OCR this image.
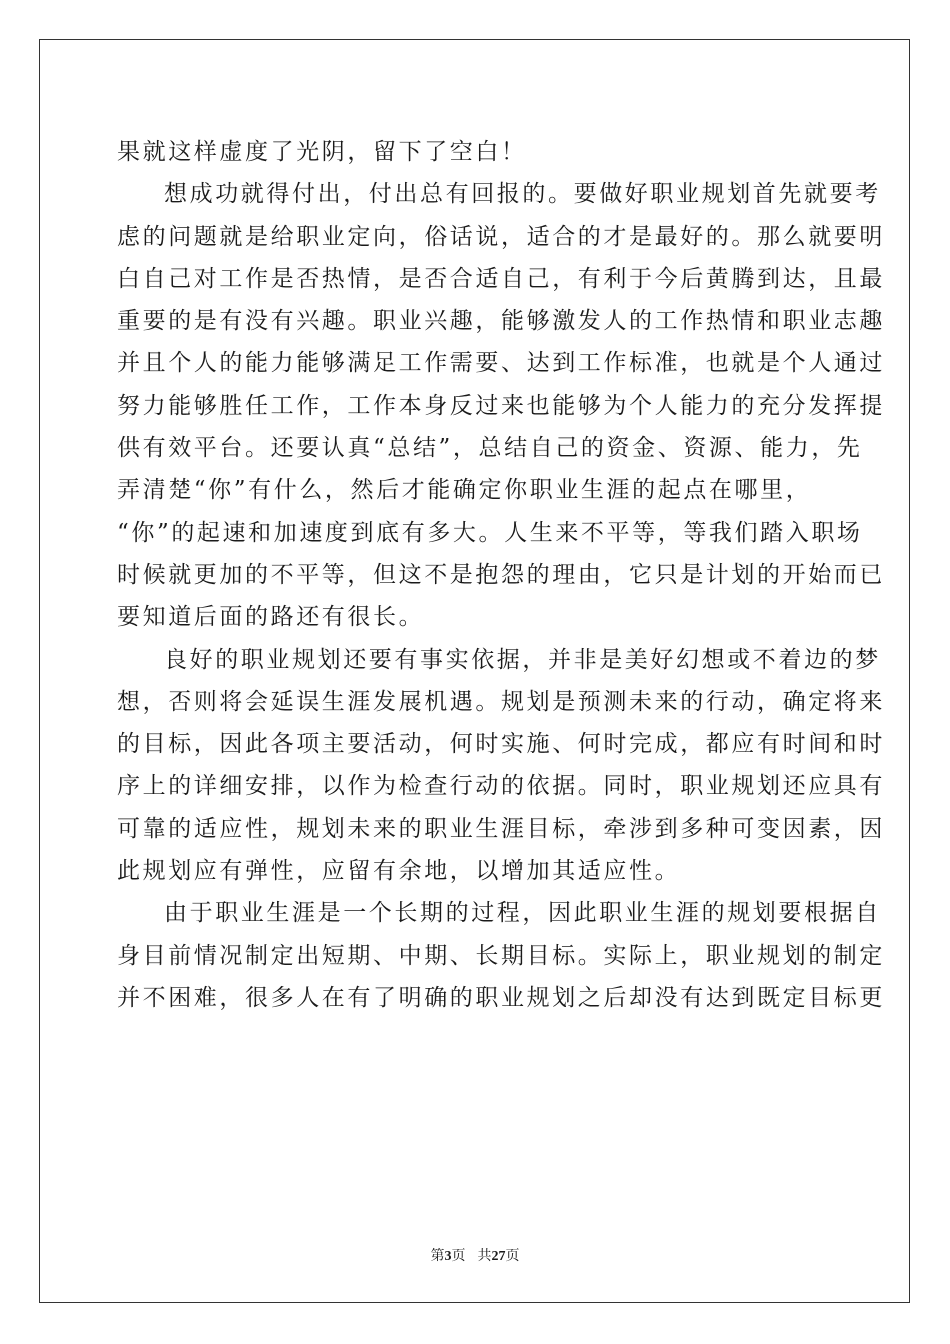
果就这样虚度了光阴，留下了空白！
想成功就得付出，付出总有回报的。要做好职业规划首先就要考
虑的问题就是给职业定向，俗话说，适合的才是最好的。那么就要明
白自己对工作是否热情，是否合适自己，有利于今后黄腾到达，且最
重要的是有没有兴趣。职业兴趣，能够激发人的工作热情和职业志趣
并且个人的能力能够满足工作需要、达到工作标准，也就是个人通过
努力能够胜任工作，工作本身反过来也能够为个人能力的充分发挥提
供有效平台。还要认真“总结”，总结自己的资金、资源、能力，先
弄清楚“你”有什么，然后才能确定你职业生涯的起点在哪里，
“你”的起速和加速度到底有多大。人生来不平等，等我们踏入职场
时候就更加的不平等，但这不是抱怨的理由，它只是计划的开始而已
要知道后面的路还有很长。
良好的职业规划还要有事实依据，并非是美好幻想或不着边的梦
想，否则将会延误生涯发展机遇。规划是预测未来的行动，确定将来
的目标，因此各项主要活动，何时实施、何时完成，都应有时间和时
序上的详细安排，以作为检查行动的依据。同时，职业规划还应具有
可靠的适应性，规划未来的职业生涯目标，牵涉到多种可变因素，因
此规划应有弹性，应留有余地，以增加其适应性。
由于职业生涯是一个长期的过程，因此职业生涯的规划要根据自
身目前情况制定出短期、中期、长期目标。实际上，职业规划的制定
并不困难，很多人在有了明确的职业规划之后却没有达到既定目标更
第3页 共27页
